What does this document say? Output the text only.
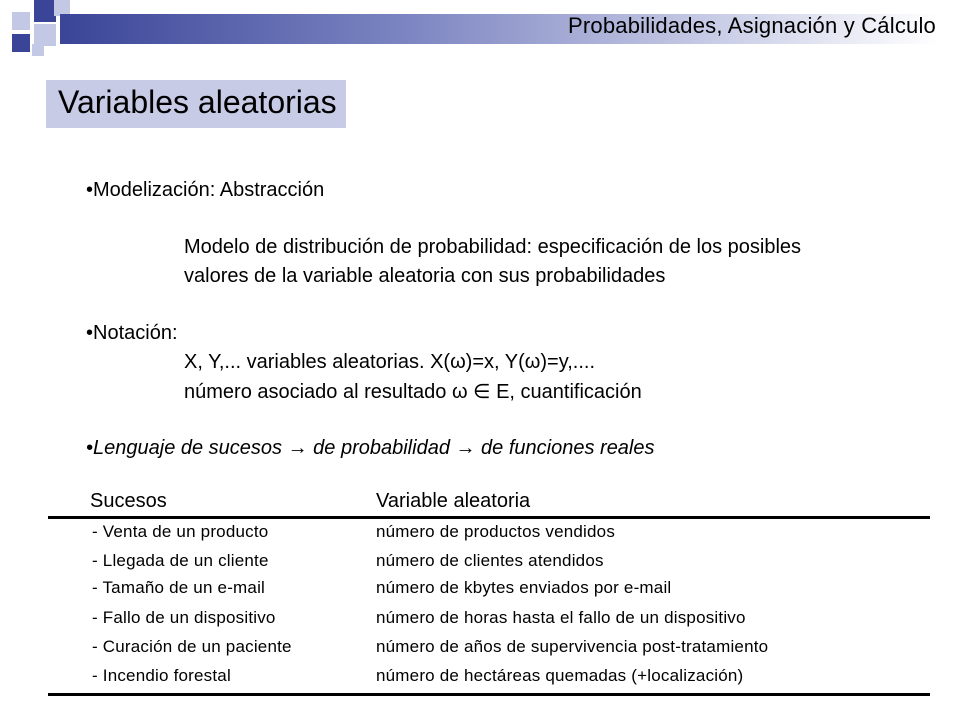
Probabilidades, Asignación y Cálculo
Variables aleatorias
• Modelización: Abstracción
Modelo de distribución de probabilidad: especificación de los posibles
valores de la variable aleatoria con sus probabilidades
• Notación:
X, Y,... variables aleatorias. X(ω)=x, Y(ω)=y,....
número asociado al resultado ω ∈ E, cuantificación
• Lenguaje de sucesos → de probabilidad → de funciones reales
Sucesos	Variable aleatoria
- Venta de un producto	número de productos vendidos
- Llegada de un cliente	número de clientes atendidos
- Tamaño de un e-mail	número de kbytes enviados por e-mail
- Fallo de un dispositivo	número de horas hasta el fallo de un dispositivo
- Curación de un paciente	número de años de supervivencia post-tratamiento
- Incendio forestal	número de hectáreas quemadas (+localización)
